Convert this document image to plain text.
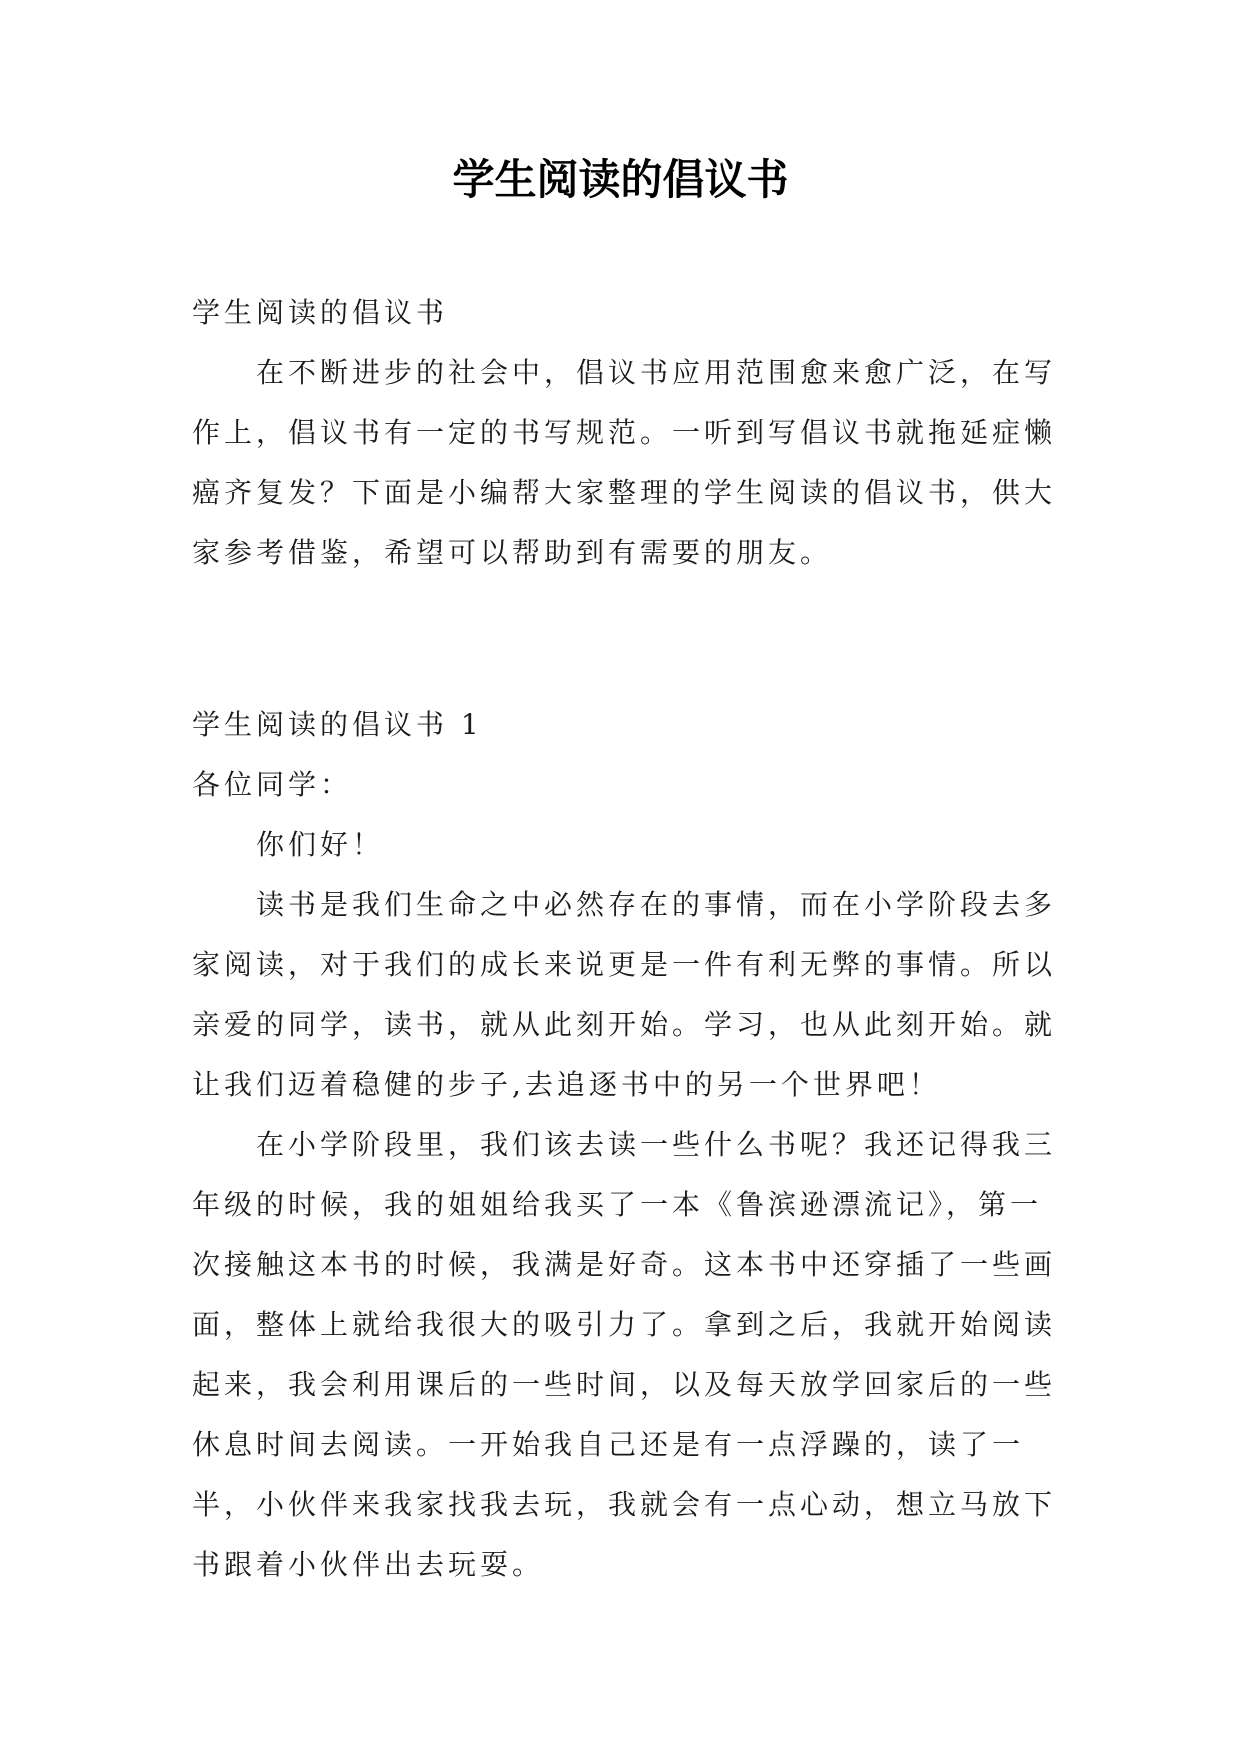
学生阅读的倡议书

学生阅读的倡议书

在不断进步的社会中，倡议书应用范围愈来愈广泛，在写作上，倡议书有一定的书写规范。一听到写倡议书就拖延症懒癌齐复发？下面是小编帮大家整理的学生阅读的倡议书，供大家参考借鉴，希望可以帮助到有需要的朋友。

学生阅读的倡议书 1

各位同学：

你们好！

读书是我们生命之中必然存在的事情，而在小学阶段去多家阅读，对于我们的成长来说更是一件有利无弊的事情。所以亲爱的同学，读书，就从此刻开始。学习，也从此刻开始。就让我们迈着稳健的步子,去追逐书中的另一个世界吧！

在小学阶段里，我们该去读一些什么书呢？我还记得我三年级的时候，我的姐姐给我买了一本《鲁滨逊漂流记》，第一次接触这本书的时候，我满是好奇。这本书中还穿插了一些画面，整体上就给我很大的吸引力了。拿到之后，我就开始阅读起来，我会利用课后的一些时间，以及每天放学回家后的一些休息时间去阅读。一开始我自己还是有一点浮躁的，读了一半，小伙伴来我家找我去玩，我就会有一点心动，想立马放下书跟着小伙伴出去玩耍。
